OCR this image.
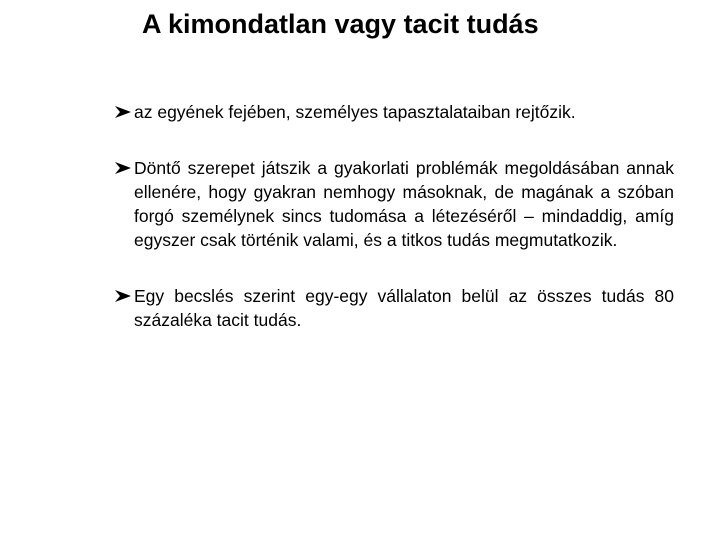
A kimondatlan vagy tacit tudás
az egyének fejében, személyes tapasztalataiban rejtőzik.
Döntő szerepet játszik a gyakorlati problémák megoldásában annak ellenére, hogy gyakran nemhogy másoknak, de magának a szóban forgó személynek sincs tudomása a létezéséről – mindaddig, amíg egyszer csak történik valami, és a titkos tudás megmutatkozik.
Egy becslés szerint egy-egy vállalaton belül az összes tudás 80 százaléka tacit tudás.
